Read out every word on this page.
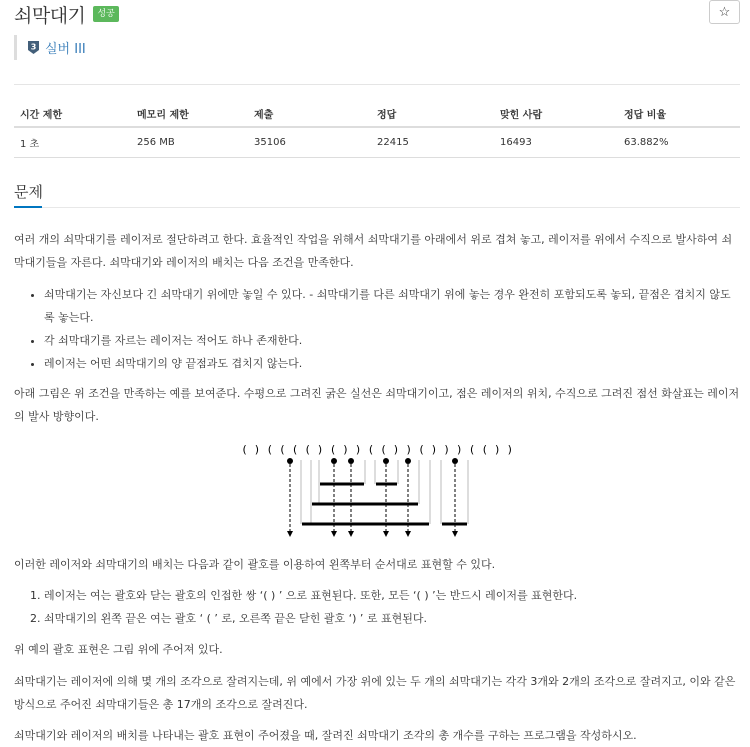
쇠막대기	성공	☆
3 실버 III
시간 제한	메모리 제한	제출	정답	맞힌 사람	정답 비율
1 초	256 MB	35106	22415	16493	63.882%
문제

여러 개의 쇠막대기를 레이저로 절단하려고 한다. 효율적인 작업을 위해서 쇠막대기를 아래에서 위로 겹쳐 놓고, 레이저를 위에서 수직으로 발사하여 쇠막대기들을 자른다. 쇠막대기와 레이저의 배치는 다음 조건을 만족한다.

• 쇠막대기는 자신보다 긴 쇠막대기 위에만 놓일 수 있다. - 쇠막대기를 다른 쇠막대기 위에 놓는 경우 완전히 포함되도록 놓되, 끝점은 겹치지 않도록 놓는다.
• 각 쇠막대기를 자르는 레이저는 적어도 하나 존재한다.
• 레이저는 어떤 쇠막대기의 양 끝점과도 겹치지 않는다.

아래 그림은 위 조건을 만족하는 예를 보여준다. 수평으로 그려진 굵은 실선은 쇠막대기이고, 점은 레이저의 위치, 수직으로 그려진 점선 화살표는 레이저의 발사 방향이다.

( ) ( ( ( ( ) ( ) ) ( ( ) ) ( ) ) ) ( ( ) )

이러한 레이저와 쇠막대기의 배치는 다음과 같이 괄호를 이용하여 왼쪽부터 순서대로 표현할 수 있다.

1. 레이저는 여는 괄호와 닫는 괄호의 인접한 쌍 ‘( ) ’ 으로 표현된다. 또한, 모든 ‘( ) ’는 반드시 레이저를 표현한다.
2. 쇠막대기의 왼쪽 끝은 여는 괄호 ‘ ( ’ 로, 오른쪽 끝은 닫힌 괄호 ‘) ’ 로 표현된다.

위 예의 괄호 표현은 그림 위에 주어져 있다.

쇠막대기는 레이저에 의해 몇 개의 조각으로 잘려지는데, 위 예에서 가장 위에 있는 두 개의 쇠막대기는 각각 3개와 2개의 조각으로 잘려지고, 이와 같은 방식으로 주어진 쇠막대기들은 총 17개의 조각으로 잘려진다.

쇠막대기와 레이저의 배치를 나타내는 괄호 표현이 주어졌을 때, 잘려진 쇠막대기 조각의 총 개수를 구하는 프로그램을 작성하시오.
